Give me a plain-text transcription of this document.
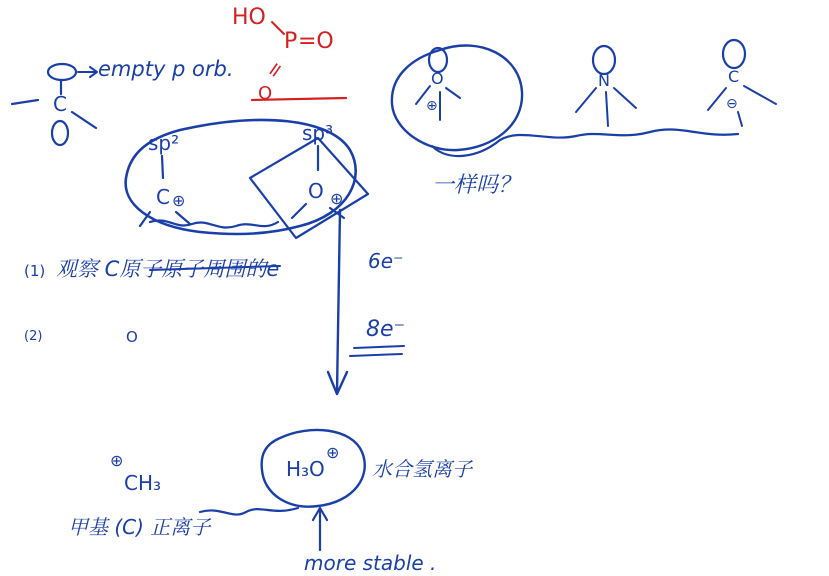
C
empty p orb.
HO
P =O
=
O
sp²
C ⊕
sp³
O ⊕
O
⊕
N	C
⊖
一样吗？
(1) 观察 C原子原子周围的e
(2)	O
6e⁻
8e⁻
⊕
CH₃
甲基 (C) 正离子
H₃O
⊕
水合氢离子
more stable .
